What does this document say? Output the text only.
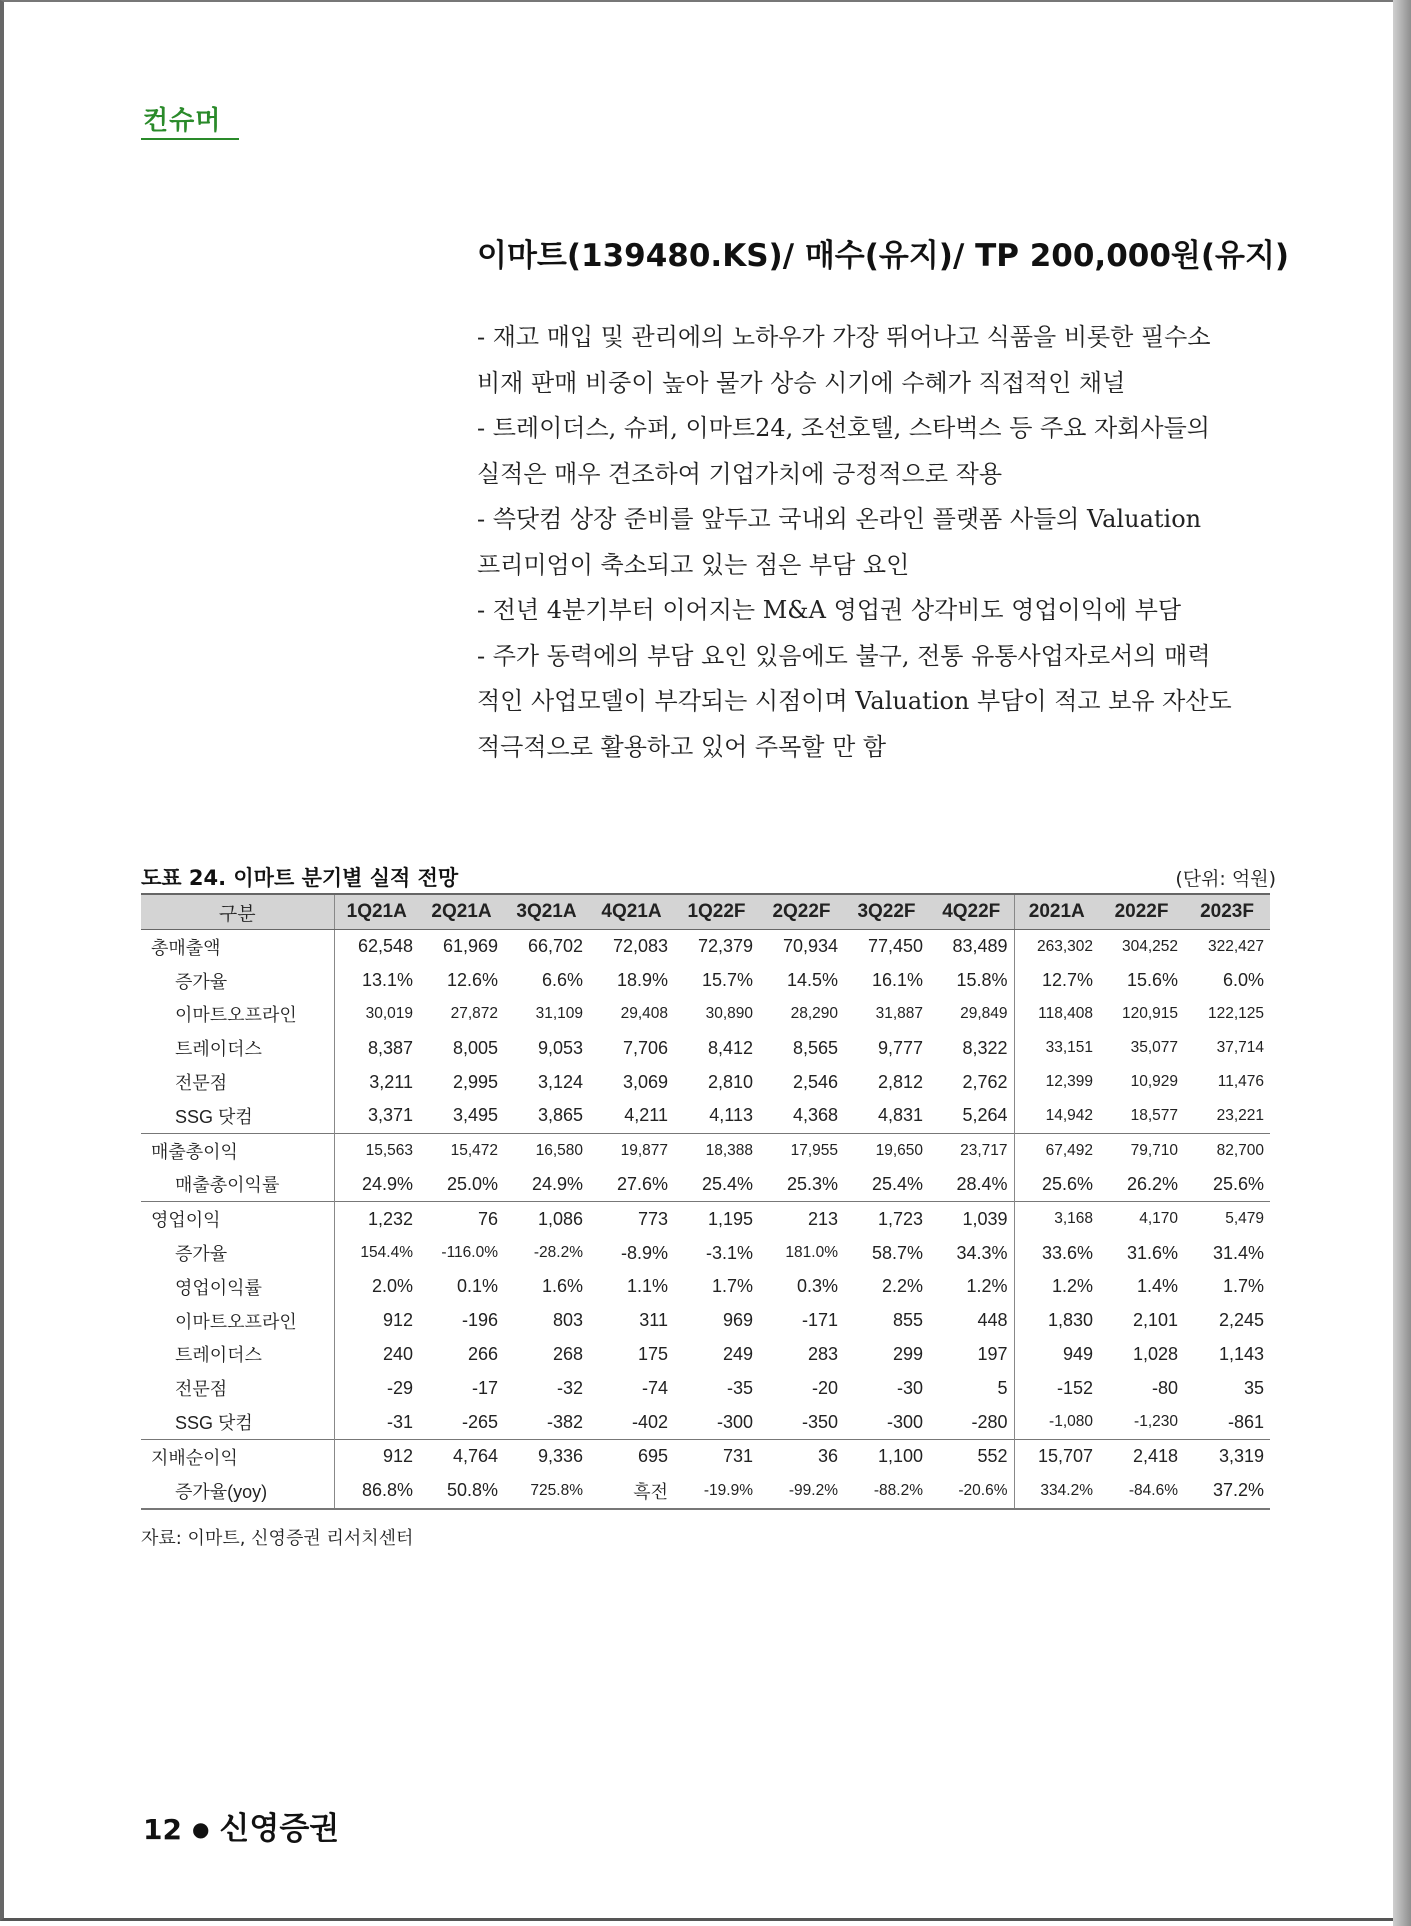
컨슈머
이마트(139480.KS)/ 매수(유지)/ TP 200,000원(유지)
- 재고 매입 및 관리에의 노하우가 가장 뛰어나고 식품을 비롯한 필수소
비재 판매 비중이 높아 물가 상승 시기에 수혜가 직접적인 채널
- 트레이더스, 슈퍼, 이마트24, 조선호텔, 스타벅스 등 주요 자회사들의
실적은 매우 견조하여 기업가치에 긍정적으로 작용
- 쓱닷컴 상장 준비를 앞두고 국내외 온라인 플랫폼 사들의 Valuation
프리미엄이 축소되고 있는 점은 부담 요인
- 전년 4분기부터 이어지는 M&A 영업권 상각비도 영업이익에 부담
- 주가 동력에의 부담 요인 있음에도 불구, 전통 유통사업자로서의 매력
적인 사업모델이 부각되는 시점이며 Valuation 부담이 적고 보유 자산도
적극적으로 활용하고 있어 주목할 만 함
도표 24. 이마트 분기별 실적 전망	(단위: 억원)
구분	1Q21A	2Q21A	3Q21A	4Q21A	1Q22F	2Q22F	3Q22F	4Q22F	2021A	2022F	2023F
총매출액	62,548	61,969	66,702	72,083	72,379	70,934	77,450	83,489	263,302	304,252	322,427
증가율	13.1%	12.6%	6.6%	18.9%	15.7%	14.5%	16.1%	15.8%	12.7%	15.6%	6.0%
이마트오프라인	30,019	27,872	31,109	29,408	30,890	28,290	31,887	29,849	118,408	120,915	122,125
트레이더스	8,387	8,005	9,053	7,706	8,412	8,565	9,777	8,322	33,151	35,077	37,714
전문점	3,211	2,995	3,124	3,069	2,810	2,546	2,812	2,762	12,399	10,929	11,476
SSG 닷컴	3,371	3,495	3,865	4,211	4,113	4,368	4,831	5,264	14,942	18,577	23,221
매출총이익	15,563	15,472	16,580	19,877	18,388	17,955	19,650	23,717	67,492	79,710	82,700
매출총이익률	24.9%	25.0%	24.9%	27.6%	25.4%	25.3%	25.4%	28.4%	25.6%	26.2%	25.6%
영업이익	1,232	76	1,086	773	1,195	213	1,723	1,039	3,168	4,170	5,479
증가율	154.4%	-116.0%	-28.2%	-8.9%	-3.1%	181.0%	58.7%	34.3%	33.6%	31.6%	31.4%
영업이익률	2.0%	0.1%	1.6%	1.1%	1.7%	0.3%	2.2%	1.2%	1.2%	1.4%	1.7%
이마트오프라인	912	-196	803	311	969	-171	855	448	1,830	2,101	2,245
트레이더스	240	266	268	175	249	283	299	197	949	1,028	1,143
전문점	-29	-17	-32	-74	-35	-20	-30	5	-152	-80	35
SSG 닷컴	-31	-265	-382	-402	-300	-350	-300	-280	-1,080	-1,230	-861
지배순이익	912	4,764	9,336	695	731	36	1,100	552	15,707	2,418	3,319
증가율(yoy)	86.8%	50.8%	725.8%	흑전	-19.9%	-99.2%	-88.2%	-20.6%	334.2%	-84.6%	37.2%
자료: 이마트, 신영증권 리서치센터
12 ● 신영증권
